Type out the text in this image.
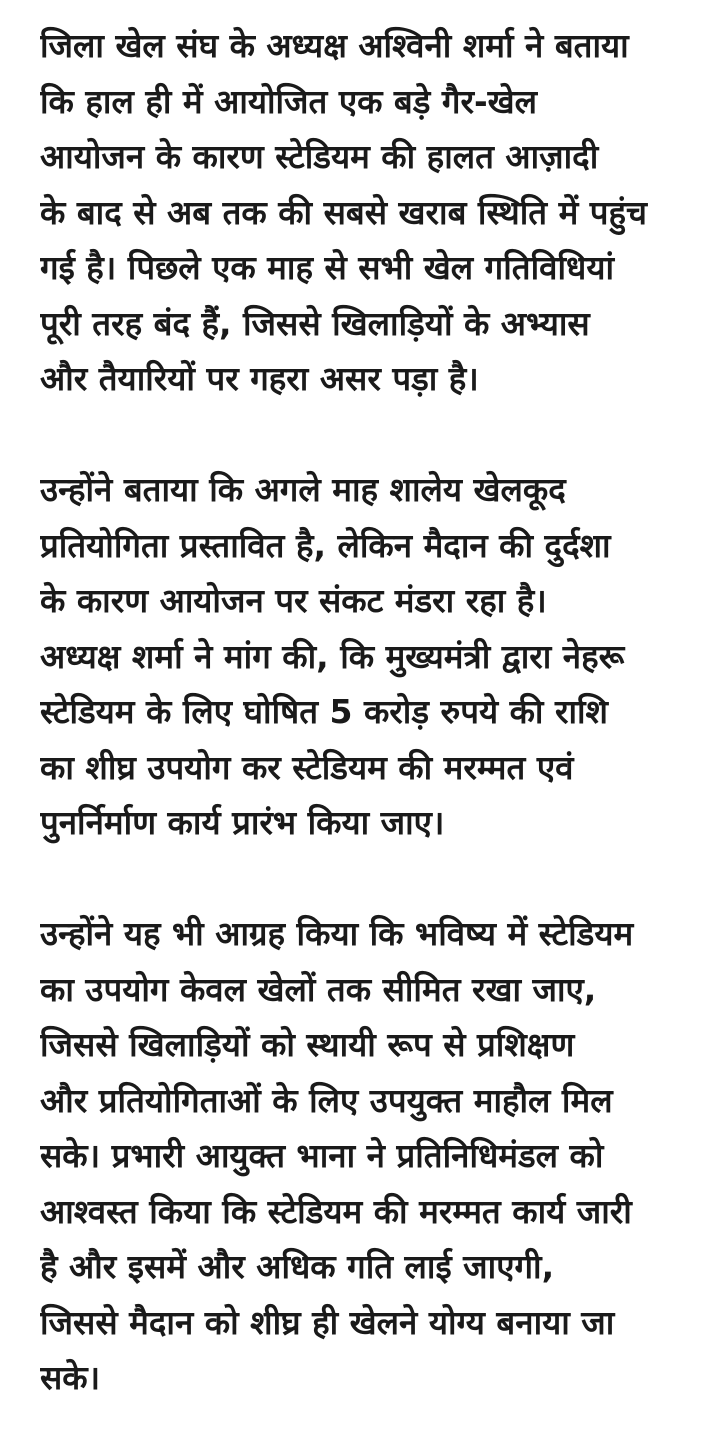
जिला खेल संघ के अध्यक्ष अश्विनी शर्मा ने बताया
कि हाल ही में आयोजित एक बड़े गैर-खेल
आयोजन के कारण स्टेडियम की हालत आज़ादी
के बाद से अब तक की सबसे खराब स्थिति में पहुंच
गई है। पिछले एक माह से सभी खेल गतिविधियां
पूरी तरह बंद हैं, जिससे खिलाड़ियों के अभ्यास
और तैयारियों पर गहरा असर पड़ा है।

उन्होंने बताया कि अगले माह शालेय खेलकूद
प्रतियोगिता प्रस्तावित है, लेकिन मैदान की दुर्दशा
के कारण आयोजन पर संकट मंडरा रहा है।
अध्यक्ष शर्मा ने मांग की, कि मुख्यमंत्री द्वारा नेहरू
स्टेडियम के लिए घोषित 5 करोड़ रुपये की राशि
का शीघ्र उपयोग कर स्टेडियम की मरम्मत एवं
पुनर्निर्माण कार्य प्रारंभ किया जाए।

उन्होंने यह भी आग्रह किया कि भविष्य में स्टेडियम
का उपयोग केवल खेलों तक सीमित रखा जाए,
जिससे खिलाड़ियों को स्थायी रूप से प्रशिक्षण
और प्रतियोगिताओं के लिए उपयुक्त माहौल मिल
सके। प्रभारी आयुक्त भाना ने प्रतिनिधिमंडल को
आश्वस्त किया कि स्टेडियम की मरम्मत कार्य जारी
है और इसमें और अधिक गति लाई जाएगी,
जिससे मैदान को शीघ्र ही खेलने योग्य बनाया जा
सके।
